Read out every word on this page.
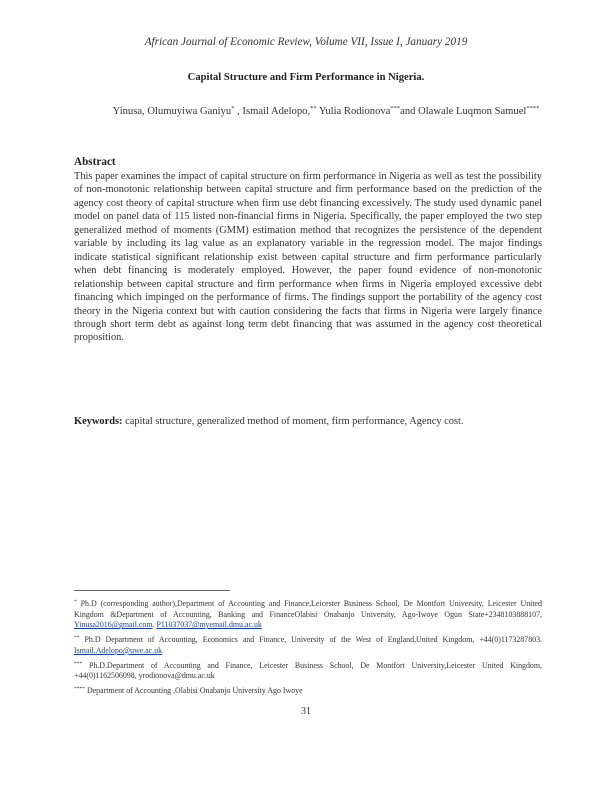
African Journal of Economic Review, Volume VII, Issue I, January 2019
Capital Structure and Firm Performance in Nigeria.
Yinusa, Olumuyiwa Ganiyu* , Ismail Adelopo,** Yulia Rodionova***and Olawale Luqmon Samuel****
Abstract
This paper examines the impact of capital structure on firm performance in Nigeria as well as test the possibility of non-monotonic relationship between capital structure and firm performance based on the prediction of the agency cost theory of capital structure when firm use debt financing excessively. The study used dynamic panel model on panel data of 115 listed non-financial firms in Nigeria. Specifically, the paper employed the two step generalized method of moments (GMM) estimation method that recognizes the persistence of the dependent variable by including its lag value as an explanatory variable in the regression model. The major findings indicate statistical significant relationship exist between capital structure and firm performance particularly when debt financing is moderately employed. However, the paper found evidence of non-monotonic relationship between capital structure and firm performance when firms in Nigeria employed excessive debt financing which impinged on the performance of firms. The findings support the portability of the agency cost theory in the Nigeria context but with caution considering the facts that firms in Nigeria were largely finance through short term debt as against long term debt financing that was assumed in the agency cost theoretical proposition.
Keywords: capital structure, generalized method of moment, firm performance, Agency cost.

* Ph.D (corresponding author),Department of Accounting and Finance,Leicester Business School, De Montfort University, Leicester United Kingdom &Department of Accounting, Banking and FinanceOlabisi Onabanjo University, Ago-Iwoye Ogun State+2348103888107, Yinusa2016@gmail.com. P11037037@myemail.dmu.ac.uk

** Ph.D Department of Accounting, Economics and Finance, University of the West of England,United Kingdom, +44(0)1173287803. Ismail.Adelopo@uwe.ac.uk

*** Ph.D.Department of Accounting and Finance, Leicester Business School, De Montfort University,Leicester United Kingdom, +44(0)1162506098, yrodionova@dmu.ac.uk

**** Department of Accounting ,Olabisi Onabanjo University Ago Iwoye

31
